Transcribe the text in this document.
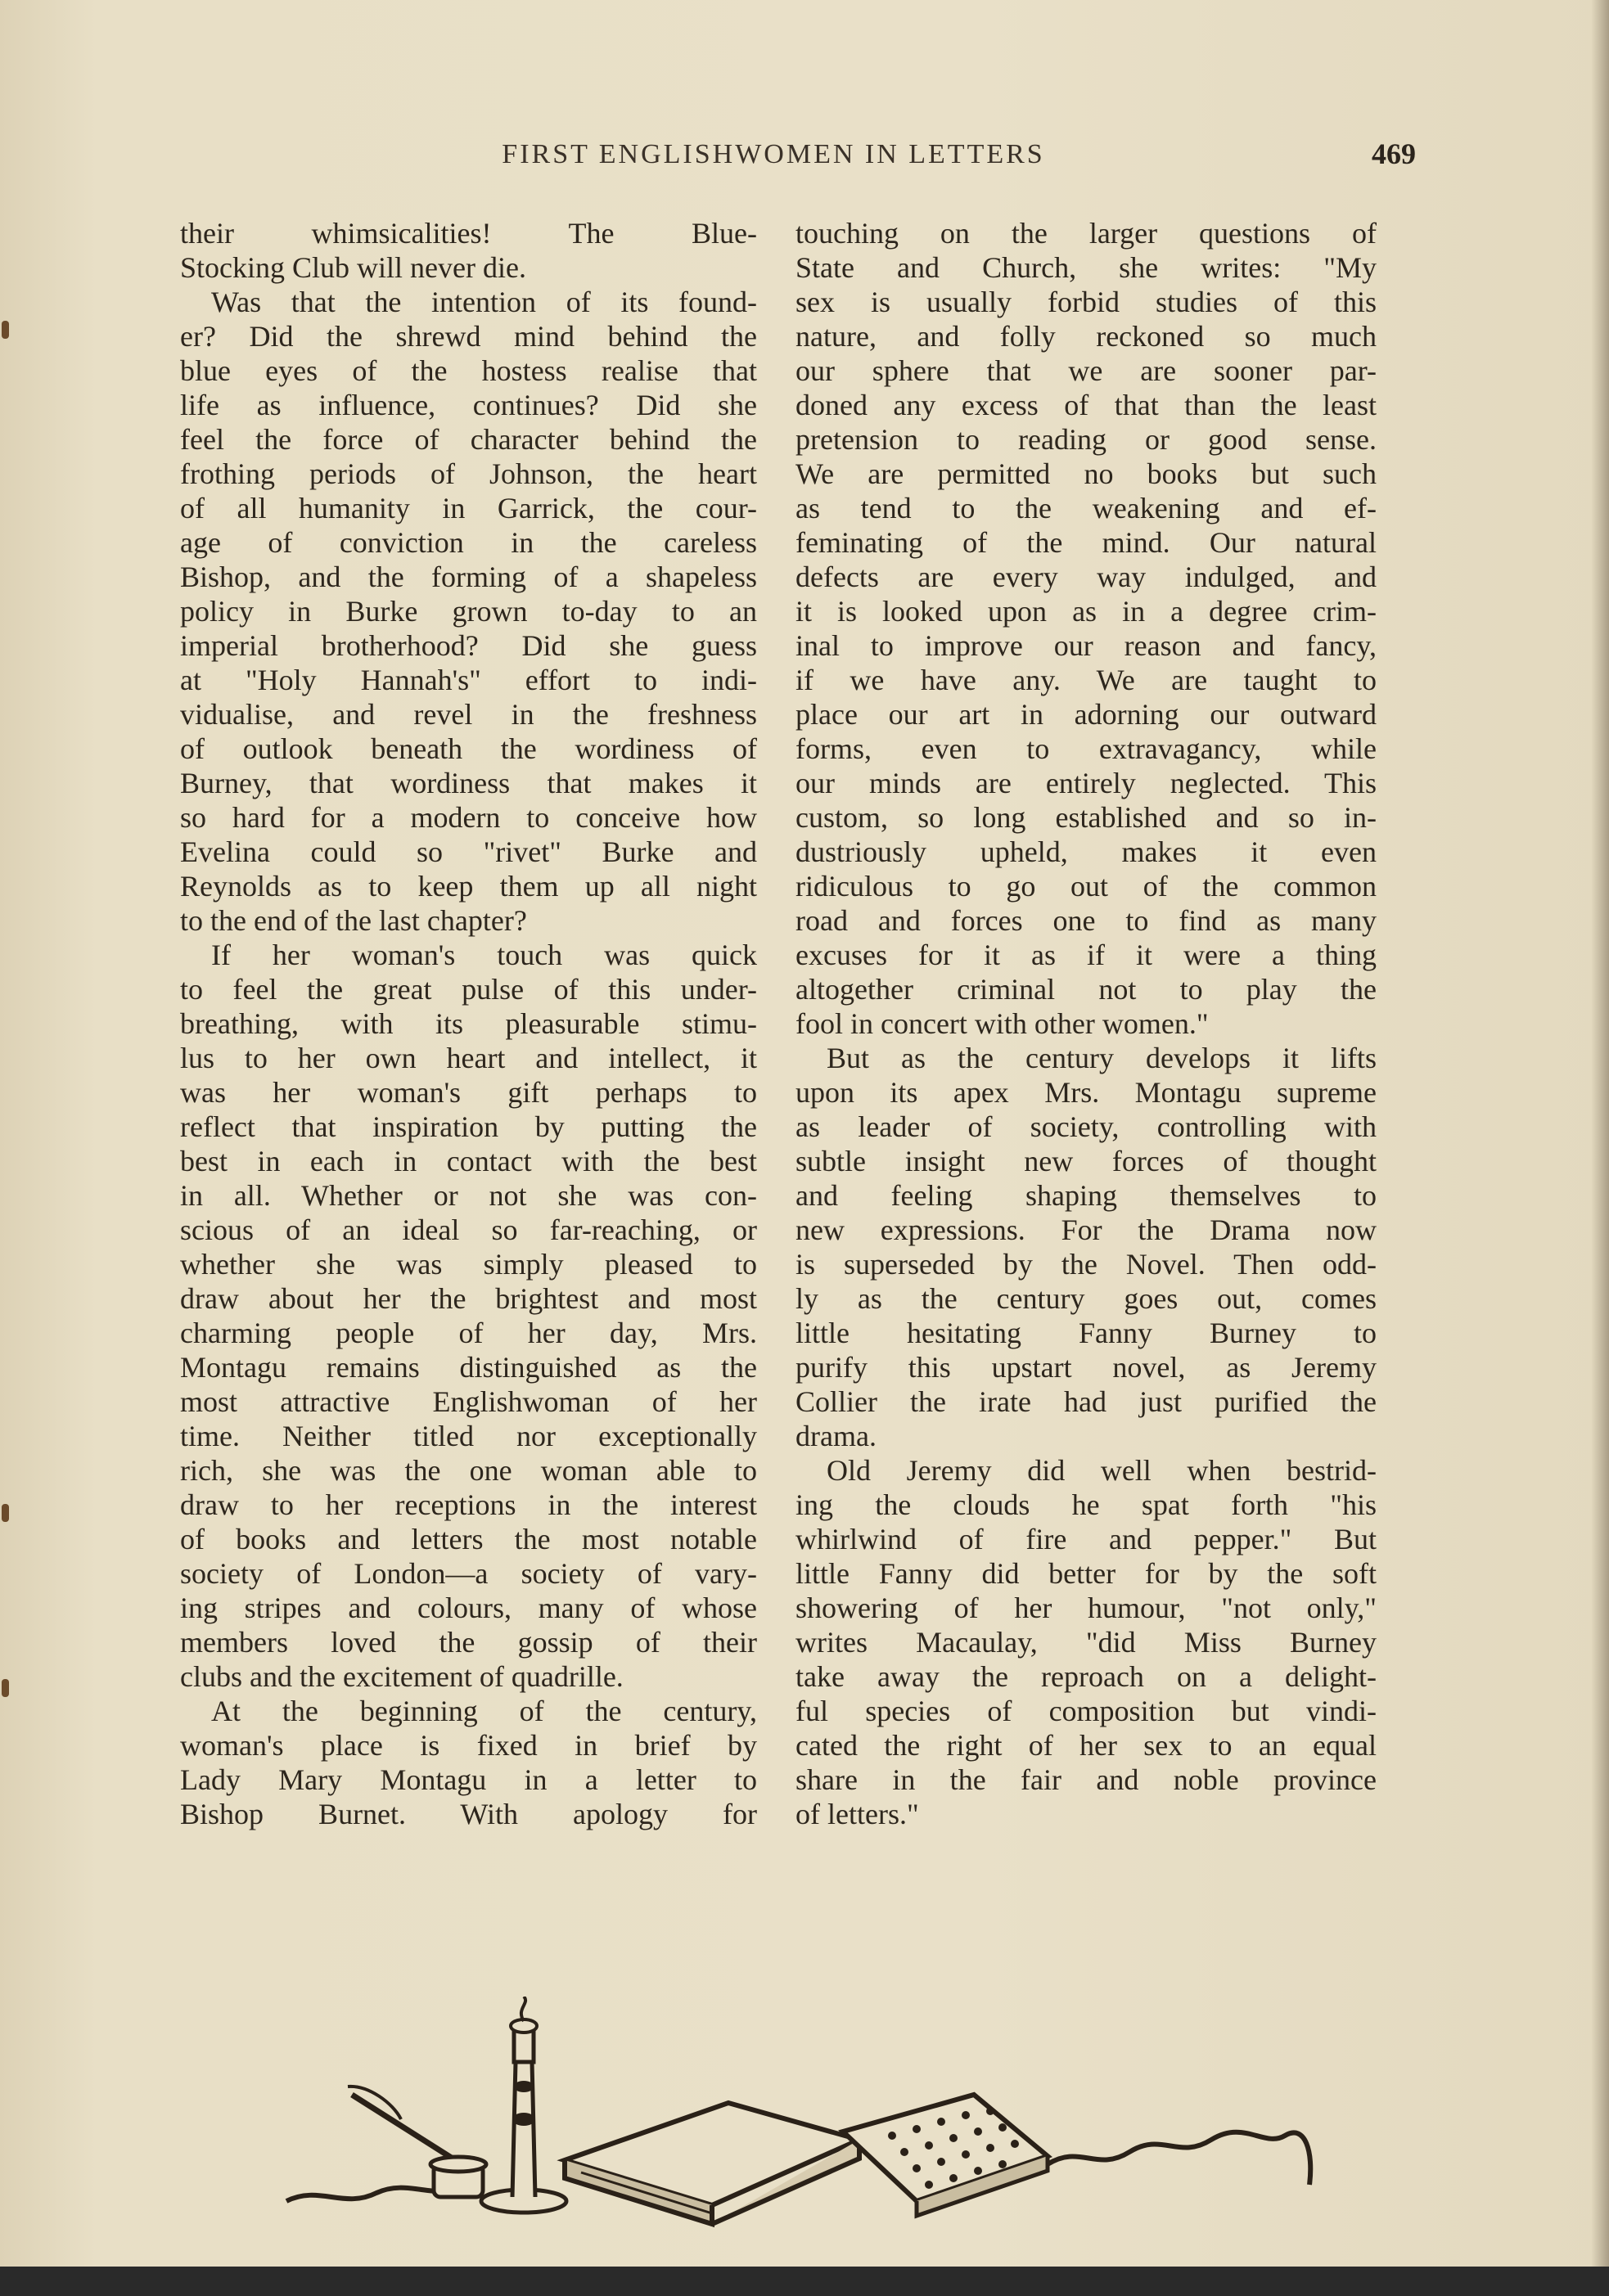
FIRST ENGLISHWOMEN IN LETTERS	469
their whimsicalities! The Blue-
Stocking Club will never die.
Was that the intention of its found-
er? Did the shrewd mind behind the
blue eyes of the hostess realise that
life as influence, continues? Did she
feel the force of character behind the
frothing periods of Johnson, the heart
of all humanity in Garrick, the cour-
age of conviction in the careless
Bishop, and the forming of a shapeless
policy in Burke grown to-day to an
imperial brotherhood? Did she guess
at "Holy Hannah's" effort to indi-
vidualise, and revel in the freshness
of outlook beneath the wordiness of
Burney, that wordiness that makes it
so hard for a modern to conceive how
Evelina could so "rivet" Burke and
Reynolds as to keep them up all night
to the end of the last chapter?
If her woman's touch was quick
to feel the great pulse of this under-
breathing, with its pleasurable stimu-
lus to her own heart and intellect, it
was her woman's gift perhaps to
reflect that inspiration by putting the
best in each in contact with the best
in all. Whether or not she was con-
scious of an ideal so far-reaching, or
whether she was simply pleased to
draw about her the brightest and most
charming people of her day, Mrs.
Montagu remains distinguished as the
most attractive Englishwoman of her
time. Neither titled nor exceptionally
rich, she was the one woman able to
draw to her receptions in the interest
of books and letters the most notable
society of London—a society of vary-
ing stripes and colours, many of whose
members loved the gossip of their
clubs and the excitement of quadrille.
At the beginning of the century,
woman's place is fixed in brief by
Lady Mary Montagu in a letter to
Bishop Burnet. With apology for
touching on the larger questions of
State and Church, she writes: "My
sex is usually forbid studies of this
nature, and folly reckoned so much
our sphere that we are sooner par-
doned any excess of that than the least
pretension to reading or good sense.
We are permitted no books but such
as tend to the weakening and ef-
feminating of the mind. Our natural
defects are every way indulged, and
it is looked upon as in a degree crim-
inal to improve our reason and fancy,
if we have any. We are taught to
place our art in adorning our outward
forms, even to extravagancy, while
our minds are entirely neglected. This
custom, so long established and so in-
dustriously upheld, makes it even
ridiculous to go out of the common
road and forces one to find as many
excuses for it as if it were a thing
altogether criminal not to play the
fool in concert with other women."
But as the century develops it lifts
upon its apex Mrs. Montagu supreme
as leader of society, controlling with
subtle insight new forces of thought
and feeling shaping themselves to
new expressions. For the Drama now
is superseded by the Novel. Then odd-
ly as the century goes out, comes
little hesitating Fanny Burney to
purify this upstart novel, as Jeremy
Collier the irate had just purified the
drama.
Old Jeremy did well when bestrid-
ing the clouds he spat forth "his
whirlwind of fire and pepper." But
little Fanny did better for by the soft
showering of her humour, "not only,"
writes Macaulay, "did Miss Burney
take away the reproach on a delight-
ful species of composition but vindi-
cated the right of her sex to an equal
share in the fair and noble province
of letters."
